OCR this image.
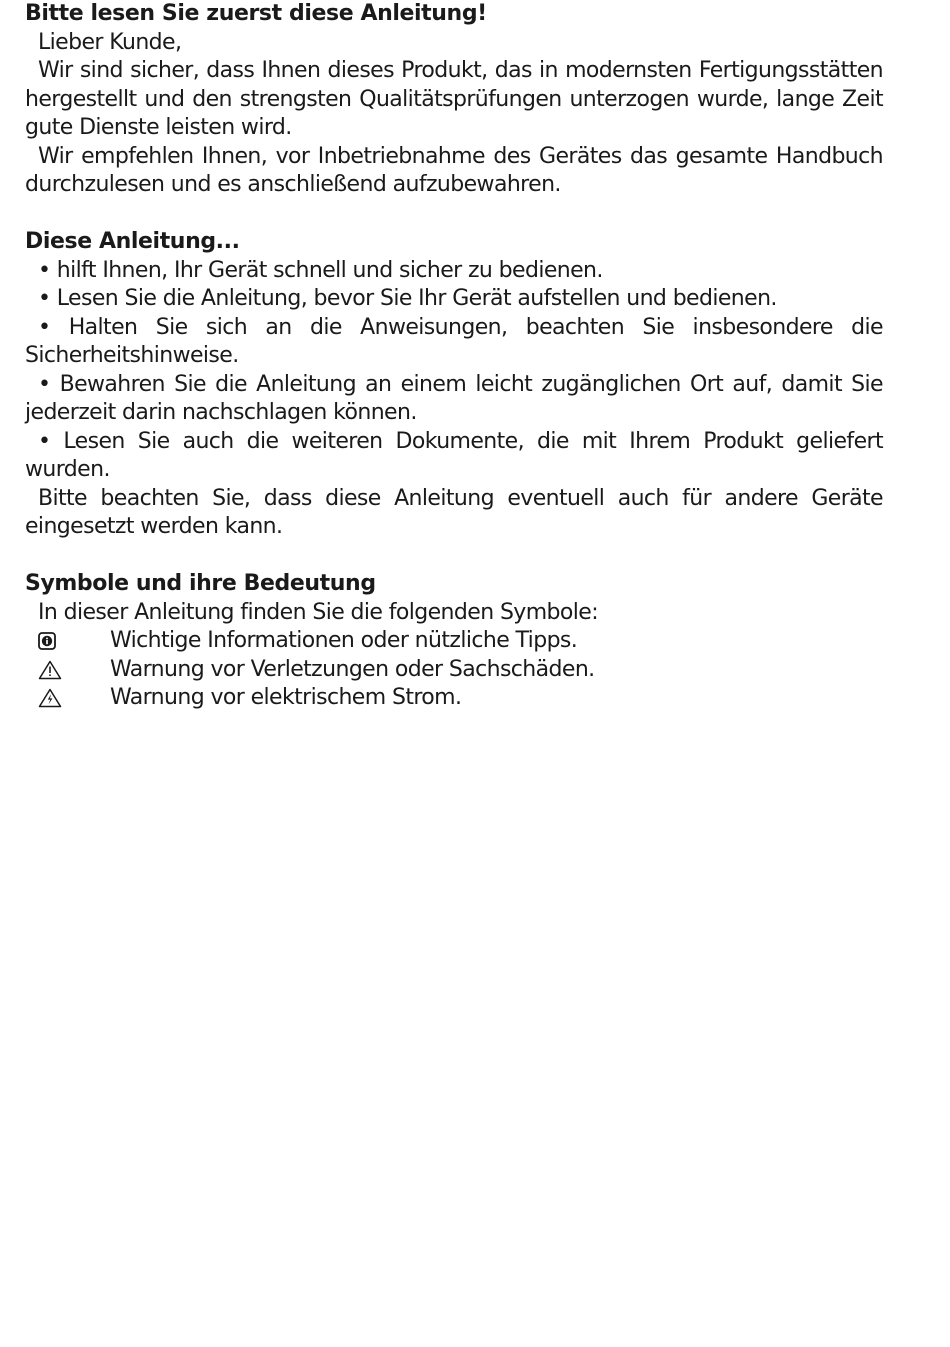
Bitte lesen Sie zuerst diese Anleitung!

Lieber Kunde,

Wir sind sicher, dass Ihnen dieses Produkt, das in modernsten Fertigungsstätten hergestellt und den strengsten Qualitätsprüfungen unterzogen wurde, lange Zeit gute Dienste leisten wird.

Wir empfehlen Ihnen, vor Inbetriebnahme des Gerätes das gesamte Handbuch durchzulesen und es anschließend aufzubewahren.

Diese Anleitung...

• hilft Ihnen, Ihr Gerät schnell und sicher zu bedienen.

• Lesen Sie die Anleitung, bevor Sie Ihr Gerät aufstellen und bedienen.

• Halten Sie sich an die Anweisungen, beachten Sie insbesondere die Sicherheitshinweise.

• Bewahren Sie die Anleitung an einem leicht zugänglichen Ort auf, damit Sie jederzeit darin nachschlagen können.

• Lesen Sie auch die weiteren Dokumente, die mit Ihrem Produkt geliefert wurden.

Bitte beachten Sie, dass diese Anleitung eventuell auch für andere Geräte eingesetzt werden kann.

Symbole und ihre Bedeutung

In dieser Anleitung finden Sie die folgenden Symbole:

Wichtige Informationen oder nützliche Tipps.
Warnung vor Verletzungen oder Sachschäden.
Warnung vor elektrischem Strom.
